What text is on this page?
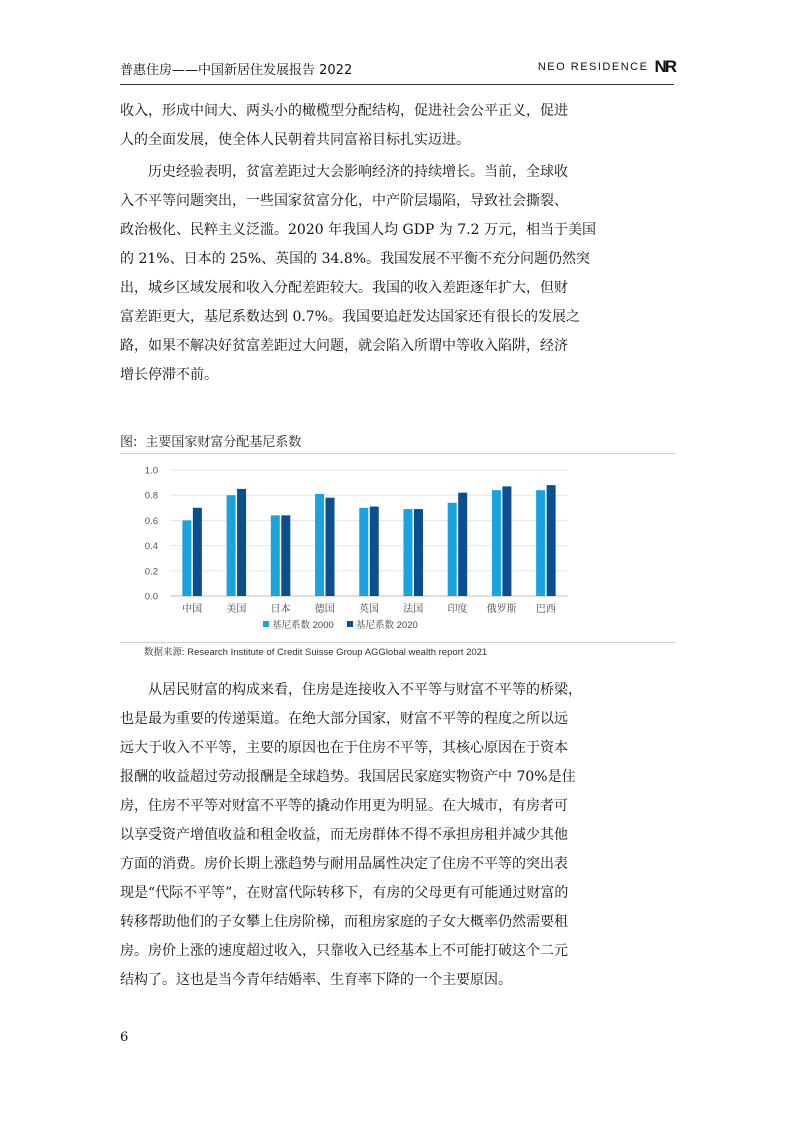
普惠住房——中国新居住发展报告 2022	NEO RESIDENCE NR
收入，形成中间大、两头小的橄榄型分配结构，促进社会公平正义，促进
人的全面发展，使全体人民朝着共同富裕目标扎实迈进。
历史经验表明，贫富差距过大会影响经济的持续增长。当前，全球收
入不平等问题突出，一些国家贫富分化，中产阶层塌陷，导致社会撕裂、
政治极化、民粹主义泛滥。2020 年我国人均 GDP 为 7.2 万元，相当于美国
的 21%、日本的 25%、英国的 34.8%。我国发展不平衡不充分问题仍然突
出，城乡区域发展和收入分配差距较大。我国的收入差距逐年扩大，但财
富差距更大，基尼系数达到 0.7%。我国要追赶发达国家还有很长的发展之
路，如果不解决好贫富差距过大问题，就会陷入所谓中等收入陷阱，经济
增长停滞不前。
图: 主要国家财富分配基尼系数
0.0
0.2
0.4
0.6
0.8
1.0
中国 美国 日本 德国 英国 法国 印度 俄罗斯 巴西
基尼系数 2000 基尼系数 2020
数据来源: Research Institute of Credit Suisse Group AGGlobal wealth report 2021
从居民财富的构成来看，住房是连接收入不平等与财富不平等的桥梁，
也是最为重要的传递渠道。在绝大部分国家，财富不平等的程度之所以远
远大于收入不平等，主要的原因也在于住房不平等，其核心原因在于资本
报酬的收益超过劳动报酬是全球趋势。我国居民家庭实物资产中 70%是住
房，住房不平等对财富不平等的撬动作用更为明显。在大城市，有房者可
以享受资产增值收益和租金收益，而无房群体不得不承担房租并减少其他
方面的消费。房价长期上涨趋势与耐用品属性决定了住房不平等的突出表
现是“代际不平等”，在财富代际转移下，有房的父母更有可能通过财富的
转移帮助他们的子女攀上住房阶梯，而租房家庭的子女大概率仍然需要租
房。房价上涨的速度超过收入，只靠收入已经基本上不可能打破这个二元
结构了。这也是当今青年结婚率、生育率下降的一个主要原因。
6
